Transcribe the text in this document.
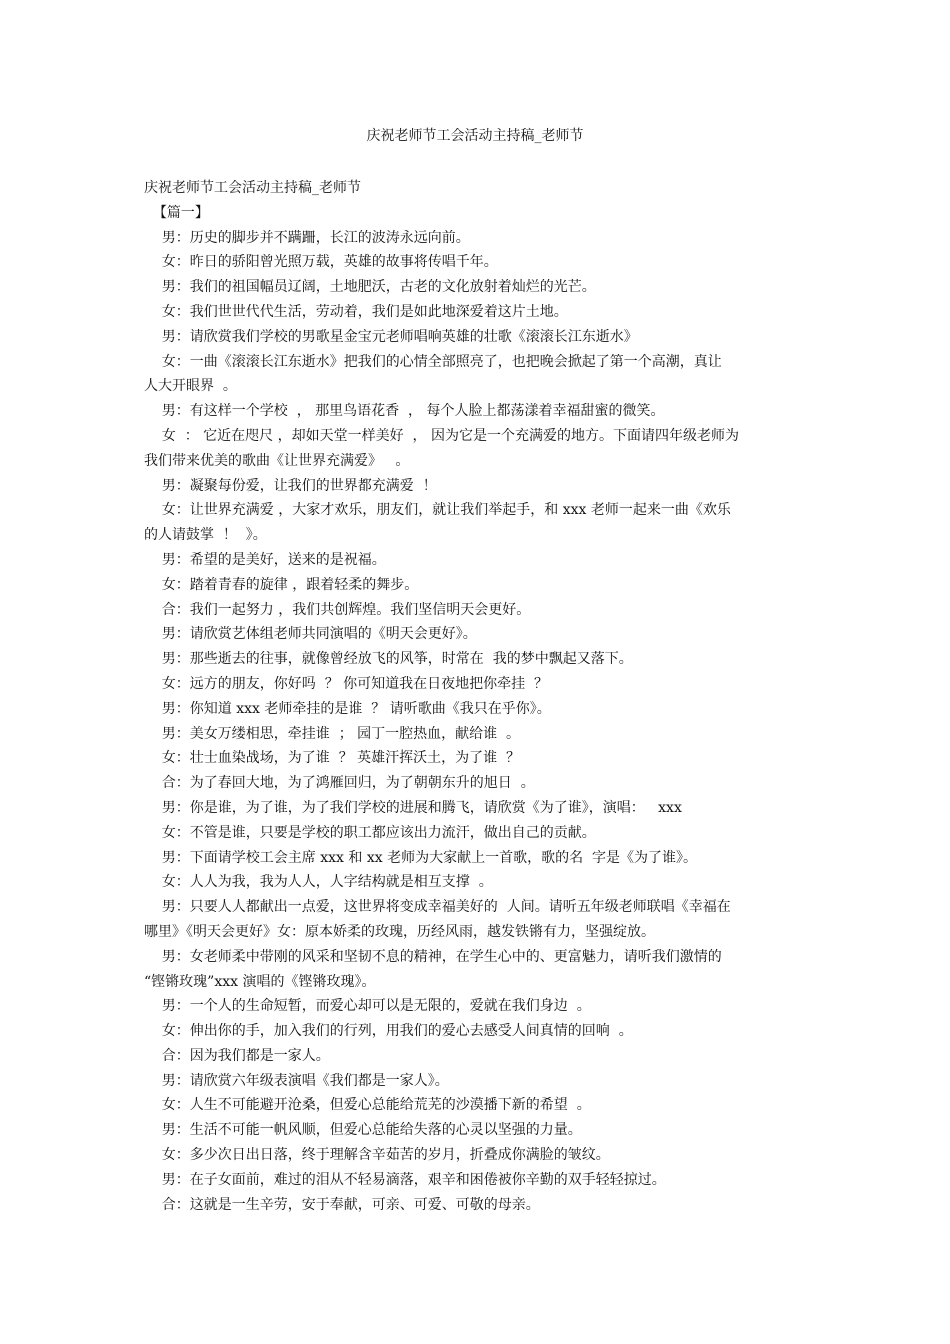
庆祝老师节工会活动主持稿_老师节
庆祝老师节工会活动主持稿_老师节
【篇一】
男：历史的脚步并不蹒跚，长江的波涛永远向前。
女：昨日的骄阳曾光照万载，英雄的故事将传唱千年。
男：我们的祖国幅员辽阔，土地肥沃，古老的文化放射着灿烂的光芒。
女：我们世世代代生活，劳动着，我们是如此地深爱着这片土地。
男：请欣赏我们学校的男歌星金宝元老师唱响英雄的壮歌《滚滚长江东逝水》
女：一曲《滚滚长江东逝水》把我们的心情全部照亮了，也把晚会掀起了第一个高潮，真让
人大开眼界  。
男：有这样一个学校  ， 那里鸟语花香  ， 每个人脸上都荡漾着幸福甜蜜的微笑。
女  ： 它近在咫尺 ，却如天堂一样美好  ， 因为它是一个充满爱的地方。下面请四年级老师为
我们带来优美的歌曲《让世界充满爱》   。
男：凝聚每份爱，让我们的世界都充满爱  ！
女：让世界充满爱 ，大家才欢乐，朋友们，就让我们举起手，和 xxx 老师一起来一曲《欢乐
的人请鼓掌  ！  》。
男：希望的是美好，送来的是祝福。
女：踏着青春的旋律 ，跟着轻柔的舞步。
合：我们一起努力 ，我们共创辉煌。我们坚信明天会更好。
男：请欣赏艺体组老师共同演唱的《明天会更好》。
男：那些逝去的往事，就像曾经放飞的风筝，时常在  我的梦中飘起又落下。
女：远方的朋友，你好吗  ？ 你可知道我在日夜地把你牵挂  ？
男：你知道 xxx 老师牵挂的是谁  ？ 请听歌曲《我只在乎你》。
男：美女万缕相思，牵挂谁  ； 园丁一腔热血，献给谁  。
女：壮士血染战场，为了谁  ？ 英雄汗挥沃土，为了谁  ？
合：为了春回大地，为了鸿雁回归，为了朝朝东升的旭日  。
男：你是谁，为了谁，为了我们学校的进展和腾飞，请欣赏《为了谁》，演唱：   xxx
女：不管是谁，只要是学校的职工都应该出力流汗，做出自己的贡献。
男：下面请学校工会主席 xxx 和 xx 老师为大家献上一首歌，歌的名  字是《为了谁》。
女：人人为我，我为人人，人字结构就是相互支撑  。
男：只要人人都献出一点爱，这世界将变成幸福美好的  人间。请听五年级老师联唱《幸福在
哪里》《明天会更好》女：原本娇柔的玫瑰，历经风雨，越发铁锵有力，坚强绽放。
男：女老师柔中带刚的风采和坚韧不息的精神，在学生心中的、更富魅力，请听我们激情的
“铿锵玫瑰”xxx 演唱的《铿锵玫瑰》。
男：一个人的生命短暂，而爱心却可以是无限的，爱就在我们身边  。
女：伸出你的手，加入我们的行列，用我们的爱心去感受人间真情的回响  。
合：因为我们都是一家人。
男：请欣赏六年级表演唱《我们都是一家人》。
女：人生不可能避开沧桑，但爱心总能给荒芜的沙漠播下新的希望  。
男：生活不可能一帆风顺，但爱心总能给失落的心灵以坚强的力量。
女：多少次日出日落，终于理解含辛茹苦的岁月，折叠成你满脸的皱纹。
男：在子女面前，难过的泪从不轻易滴落，艰辛和困倦被你辛勤的双手轻轻掠过。
合：这就是一生辛劳，安于奉献，可亲、可爱、可敬的母亲。
